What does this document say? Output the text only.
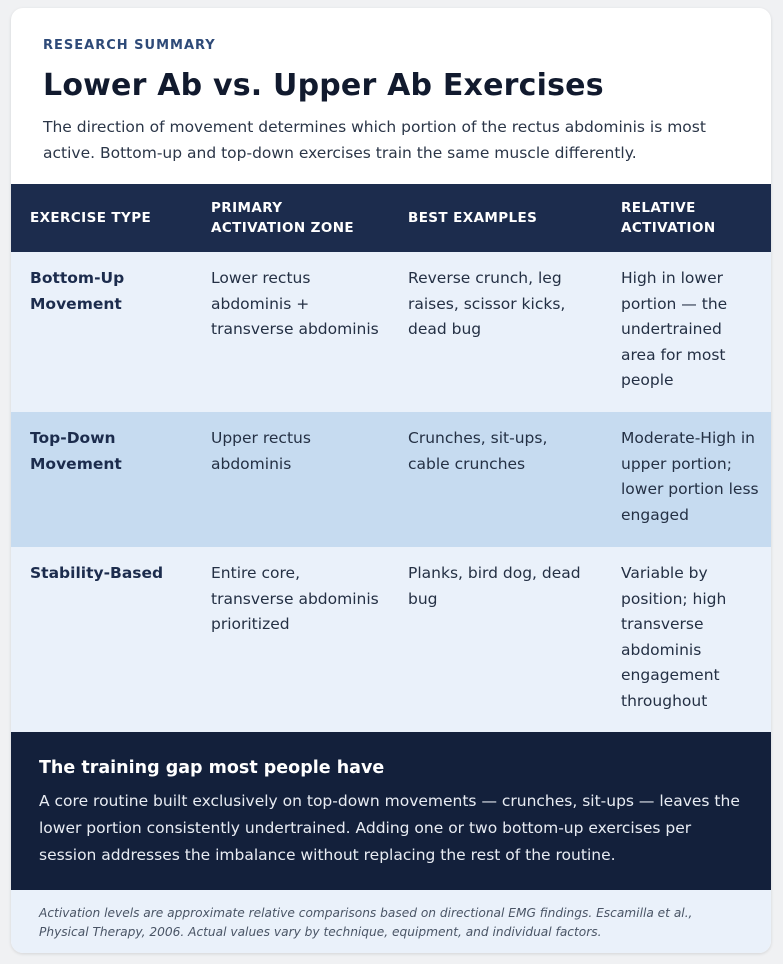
RESEARCH SUMMARY

Lower Ab vs. Upper Ab Exercises

The direction of movement determines which portion of the rectus abdominis is most active. Bottom-up and top-down exercises train the same muscle differently.

EXERCISE TYPE	PRIMARY ACTIVATION ZONE	BEST EXAMPLES	RELATIVE ACTIVATION
Bottom-Up Movement	Lower rectus abdominis + transverse abdominis	Reverse crunch, leg raises, scissor kicks, dead bug	High in lower portion — the undertrained area for most people
Top-Down Movement	Upper rectus abdominis	Crunches, sit-ups, cable crunches	Moderate-High in upper portion; lower portion less engaged
Stability-Based	Entire core, transverse abdominis prioritized	Planks, bird dog, dead bug	Variable by position; high transverse abdominis engagement throughout
The training gap most people have

A core routine built exclusively on top-down movements — crunches, sit-ups — leaves the lower portion consistently undertrained. Adding one or two bottom-up exercises per session addresses the imbalance without replacing the rest of the routine.

Activation levels are approximate relative comparisons based on directional EMG findings. Escamilla et al., Physical Therapy, 2006. Actual values vary by technique, equipment, and individual factors.
